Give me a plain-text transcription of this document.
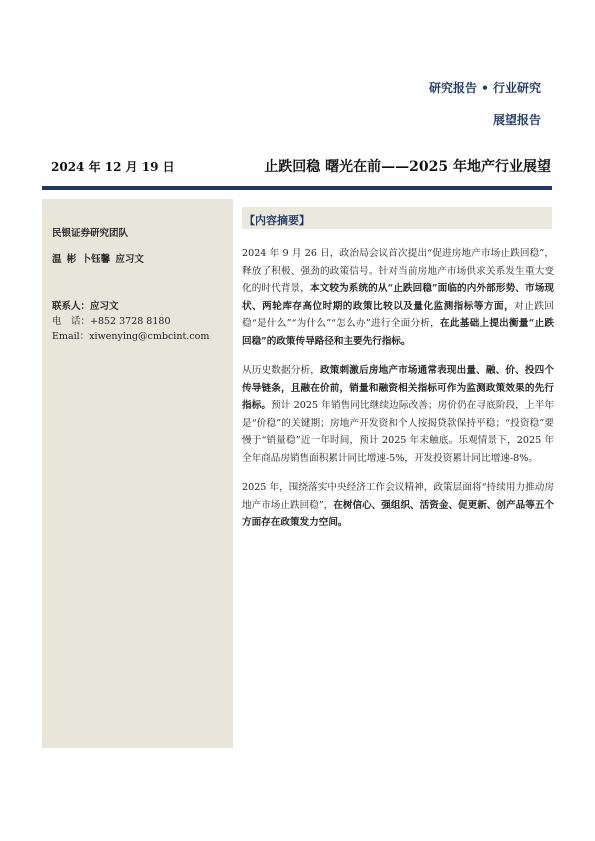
研究报告 • 行业研究
展望报告
2024 年 12 月 19 日	止跌回稳 曙光在前——2025 年地产行业展望
民银证券研究团队
温 彬 卜钰馨 应习文
联系人：应习文
电　话：+852 3728 8180
Email：xiwenying@cmbcint.com
【内容摘要】

2024 年 9 月 26 日，政治局会议首次提出“促进房地产市场止跌回稳”，释放了积极、强劲的政策信号。针对当前房地产市场供求关系发生重大变化的时代背景，本文较为系统的从“止跌回稳”面临的内外部形势、市场现状、两轮库存高位时期的政策比较以及量化监测指标等方面，对止跌回稳“是什么”“为什么”“怎么办”进行全面分析，在此基础上提出衡量“止跌回稳”的政策传导路径和主要先行指标。

从历史数据分析，政策刺激后房地产市场通常表现出量、融、价、投四个传导链条，且融在价前，销量和融资相关指标可作为监测政策效果的先行指标。预计 2025 年销售同比继续边际改善；房价仍在寻底阶段，上半年是“价稳”的关键期；房地产开发资和个人按揭贷款保持平稳；“投资稳”要慢于“销量稳”近一年时间，预计 2025 年末触底。乐观情景下，2025 年全年商品房销售面积累计同比增速-5%，开发投资累计同比增速-8%。

2025 年，围绕落实中央经济工作会议精神，政策层面将“持续用力推动房地产市场止跌回稳”，在树信心、强组织、活资金、促更新、创产品等五个方面存在政策发力空间。
